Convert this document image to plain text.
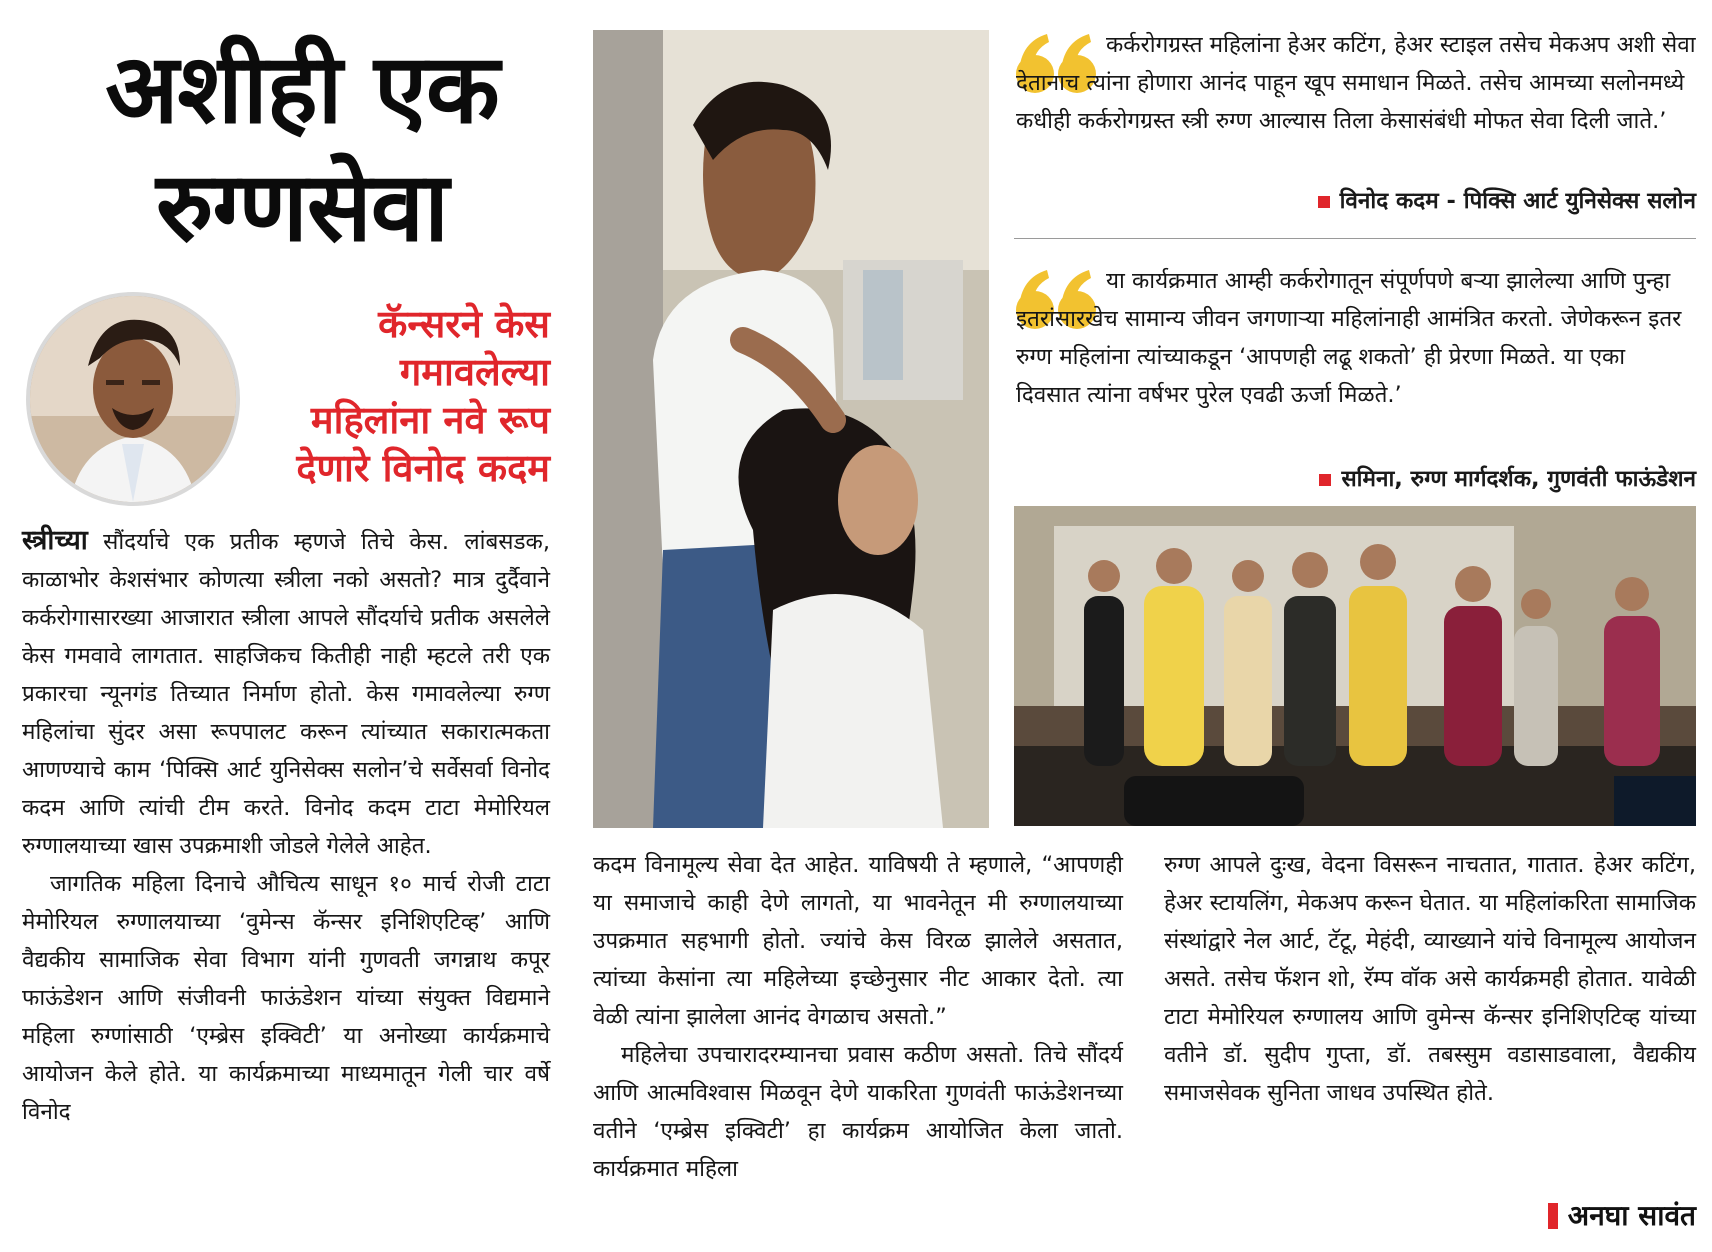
अशीही एक
रुग्णसेवा
कॅन्सरने केस
गमावलेल्या
महिलांना नवे रूप
देणारे विनोद कदम

स्त्रीच्या सौंदर्याचे एक प्रतीक म्हणजे तिचे केस. लांबसडक, काळाभोर केशसंभार कोणत्या स्त्रीला नको असतो? मात्र दुर्दैवाने कर्करोगासारख्या आजारात स्त्रीला आपले सौंदर्याचे प्रतीक असलेले केस गमवावे लागतात. साहजिकच कितीही नाही म्हटले तरी एक प्रकारचा न्यूनगंड तिच्यात निर्माण होतो. केस गमावलेल्या रुग्ण महिलांचा सुंदर असा रूपपालट करून त्यांच्यात सकारात्मकता आणण्याचे काम ‘पिक्सि आर्ट युनिसेक्स सलोन’चे सर्वेसर्वा विनोद कदम आणि त्यांची टीम करते. विनोद कदम टाटा मेमोरियल रुग्णालयाच्या खास उपक्रमाशी जोडले गेलेले आहेत.

जागतिक महिला दिनाचे औचित्य साधून १० मार्च रोजी टाटा मेमोरियल रुग्णालयाच्या ‘वुमेन्स कॅन्सर इनिशिएटिव्ह’ आणि वैद्यकीय सामाजिक सेवा विभाग यांनी गुणवती जगन्नाथ कपूर फाऊंडेशन आणि संजीवनी फाऊंडेशन यांच्या संयुक्त विद्यमाने महिला रुग्णांसाठी ‘एम्ब्रेस इक्विटी’ या अनोख्या कार्यक्रमाचे आयोजन केले होते. या कार्यक्रमाच्या माध्यमातून गेली चार वर्षे विनोद

कर्करोगग्रस्त महिलांना हेअर कटिंग, हेअर स्टाइल तसेच मेकअप अशी सेवा देतानाच त्यांना होणारा आनंद पाहून खूप समाधान मिळते. तसेच आमच्या सलोनमध्ये कधीही कर्करोगग्रस्त स्त्री रुग्ण आल्यास तिला केसासंबंधी मोफत सेवा दिली जाते.’
विनोद कदम - पिक्सि आर्ट युनिसेक्स सलोन
या कार्यक्रमात आम्ही कर्करोगातून संपूर्णपणे बऱ्या झालेल्या आणि पुन्हा इतरांसारखेच सामान्य जीवन जगणाऱ्या महिलांनाही आमंत्रित करतो. जेणेकरून इतर रुग्ण महिलांना त्यांच्याकडून ‘आपणही लढू शकतो’ ही प्रेरणा मिळते. या एका दिवसात त्यांना वर्षभर पुरेल एवढी ऊर्जा मिळते.’
समिना, रुग्ण मार्गदर्शक, गुणवंती फाऊंडेशन

कदम विनामूल्य सेवा देत आहेत. याविषयी ते म्हणाले, “आपणही या समाजाचे काही देणे लागतो, या भावनेतून मी रुग्णालयाच्या उपक्रमात सहभागी होतो. ज्यांचे केस विरळ झालेले असतात, त्यांच्या केसांना त्या महिलेच्या इच्छेनुसार नीट आकार देतो. त्या वेळी त्यांना झालेला आनंद वेगळाच असतो.”

महिलेचा उपचारादरम्यानचा प्रवास कठीण असतो. तिचे सौंदर्य आणि आत्मविश्वास मिळवून देणे याकरिता गुणवंती फाऊंडेशनच्या वतीने ‘एम्ब्रेस इक्विटी’ हा कार्यक्रम आयोजित केला जातो. कार्यक्रमात महिला

रुग्ण आपले दुःख, वेदना विसरून नाचतात, गातात. हेअर कटिंग, हेअर स्टायलिंग, मेकअप करून घेतात. या महिलांकरिता सामाजिक संस्थांद्वारे नेल आर्ट, टॅटू, मेहंदी, व्याख्याने यांचे विनामूल्य आयोजन असते. तसेच फॅशन शो, रॅम्प वॉक असे कार्यक्रमही होतात. यावेळी टाटा मेमोरियल रुग्णालय आणि वुमेन्स कॅन्सर इनिशिएटिव्ह यांच्या वतीने डॉ. सुदीप गुप्ता, डॉ. तबस्सुम वडासाडवाला, वैद्यकीय समाजसेवक सुनिता जाधव उपस्थित होते.

अनघा सावंत
